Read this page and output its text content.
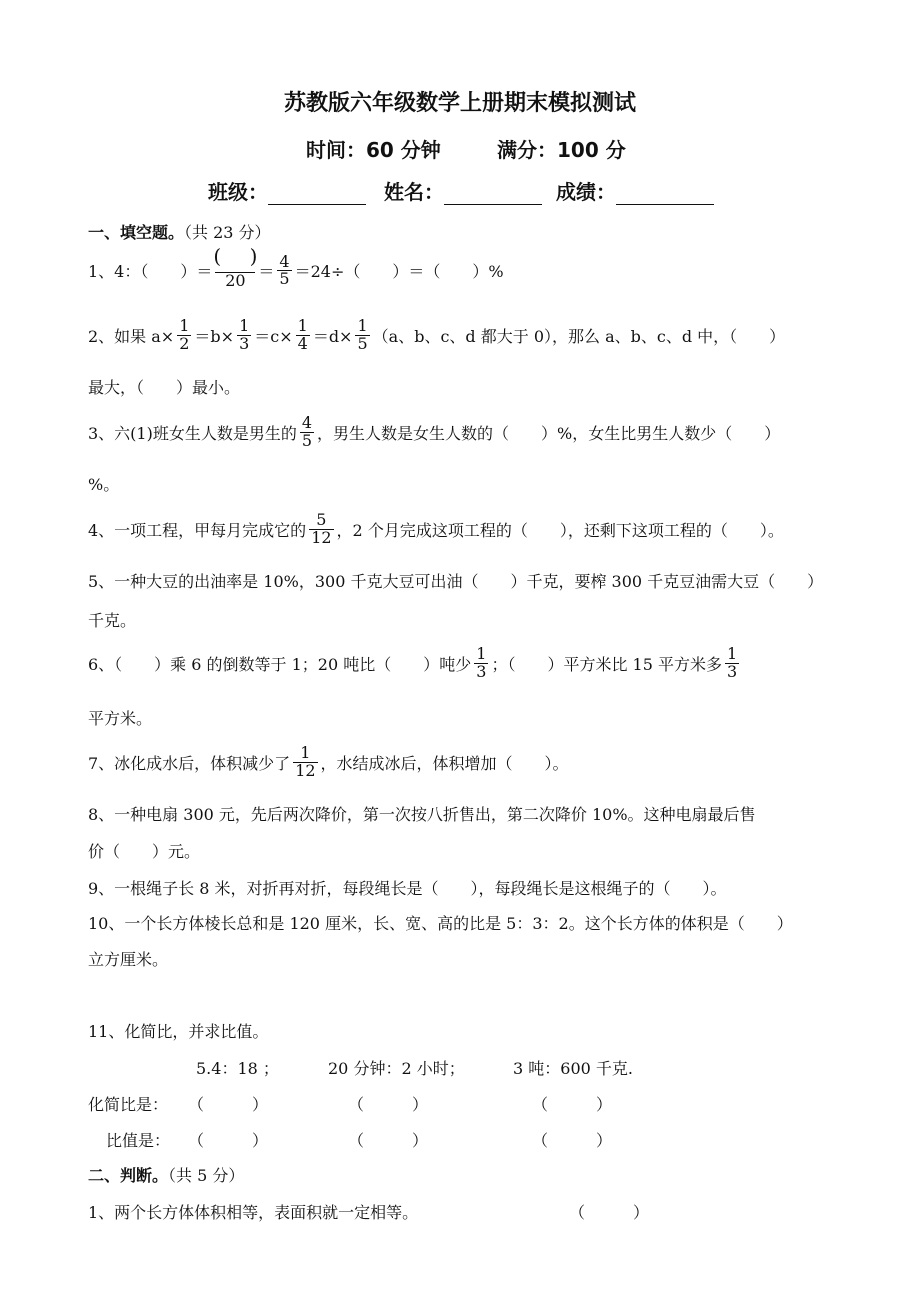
苏教版六年级数学上册期末模拟测试
时间：60 分钟	满分：100 分
班级：	姓名：	成绩：
一、填空题。（共 23 分）
1、4：（　　）＝
( ) $20 = \frac{4}{5} =24\div$（　　）＝（　　）%
2、如果 $a\times \frac{1}{2} =b\times \frac{1}{3} =c\times \frac{1}{4} =d\times \frac{1}{5} (a$、b、c、d 都大于 0），那么 a、b、c、d 中，（　　）
最大，（　　）最小。
3、六(1)班女生人数是男生的 $\frac{4}{5}$ ，男生人数是女生人数的（　　）%，女生比男生人数少（　　）
%。
4、一项工程，甲每月完成它的 $\frac{5}{12}$ ，2 个月完成这项工程的（　　），还剩下这项工程的（　　）。
5、一种大豆的出油率是 10%，300 千克大豆可出油（　　）千克，要榨 300 千克豆油需大豆（　　）
千克。
6、（　　）乘 6 的倒数等于 1；20 吨比（　　）吨少 $\frac{1}{3}$ ；（　　）平方米比 15 平方米多 $\frac{1}{3}$
平方米。
7、冰化成水后，体积减少了 $\frac{1}{12}$ ，水结成冰后，体积增加（　　）。
8、一种电扇 300 元，先后两次降价，第一次按八折售出，第二次降价 10%。这种电扇最后售
价（　　）元。
9、一根绳子长 8 米，对折再对折，每段绳长是（　　），每段绳长是这根绳子的（　　）。
10、一个长方体棱长总和是 120 厘米，长、宽、高的比是 5：3：2。这个长方体的体积是（　　）
立方厘米。
11、化简比，并求比值。
5.4：18 ；	20 分钟：2 小时；	3 吨：600 千克.
化简比是： （　　　）	（　　　）	（　　　）
比值是： （　　　）	（　　　）	（　　　）
二、判断。（共 5 分）
1、两个长方体体积相等，表面积就一定相等。	（　　　）
